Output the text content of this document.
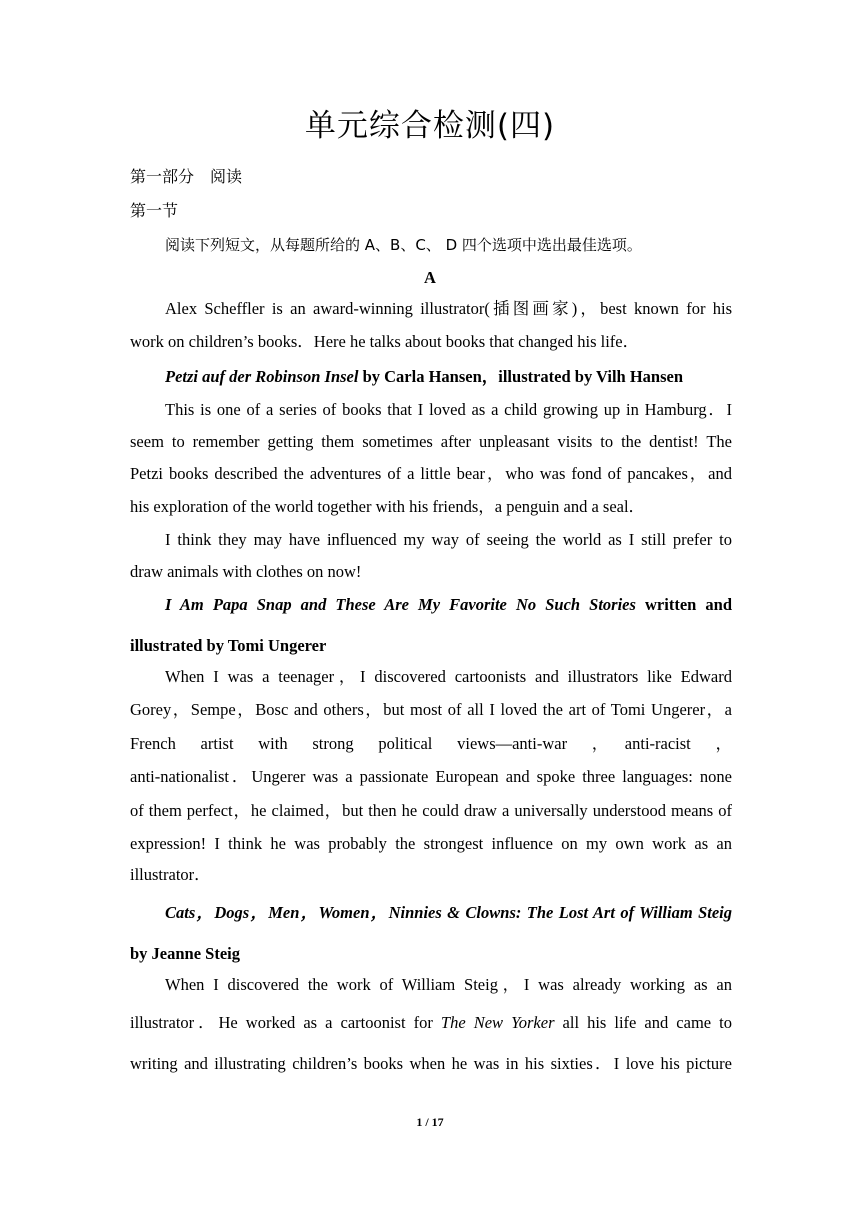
单元综合检测(四)
第一部分　阅读
第一节
阅读下列短文，从每题所给的 A、B、C、 D 四个选项中选出最佳选项。
A
Alex Scheffler is an award-winning illustrator(插图画家)，best known for his
work on children’s books．Here he talks about books that changed his life．
Petzi auf der Robinson Insel by Carla Hansen，illustrated by Vilh Hansen
This is one of a series of books that I loved as a child growing up in Hamburg．I
seem to remember getting them sometimes after unpleasant visits to the dentist! The
Petzi books described the adventures of a little bear，who was fond of pancakes，and
his exploration of the world together with his friends，a penguin and a seal．
I think they may have influenced my way of seeing the world as I still prefer to
draw animals with clothes on now!
I Am Papa Snap and These Are My Favorite No Such Stories written and
illustrated by Tomi Ungerer
When I was a teenager，I discovered cartoonists and illustrators like Edward
Gorey，Sempe，Bosc and others，but most of all I loved the art of Tomi Ungerer，a
French　artist　with　strong　political　views—anti-war　，　anti-racist　，
anti-nationalist．Ungerer was a passionate European and spoke three languages: none
of them perfect，he claimed，but then he could draw a universally understood means of
expression! I think he was probably the strongest influence on my own work as an
illustrator．
Cats，Dogs，Men，Women，Ninnies & Clowns: The Lost Art of William Steig
by Jeanne Steig
When I discovered the work of William Steig，I was already working as an
illustrator．He worked as a cartoonist for The New Yorker all his life and came to
writing and illustrating children’s books when he was in his sixties．I love his picture
1 / 17
